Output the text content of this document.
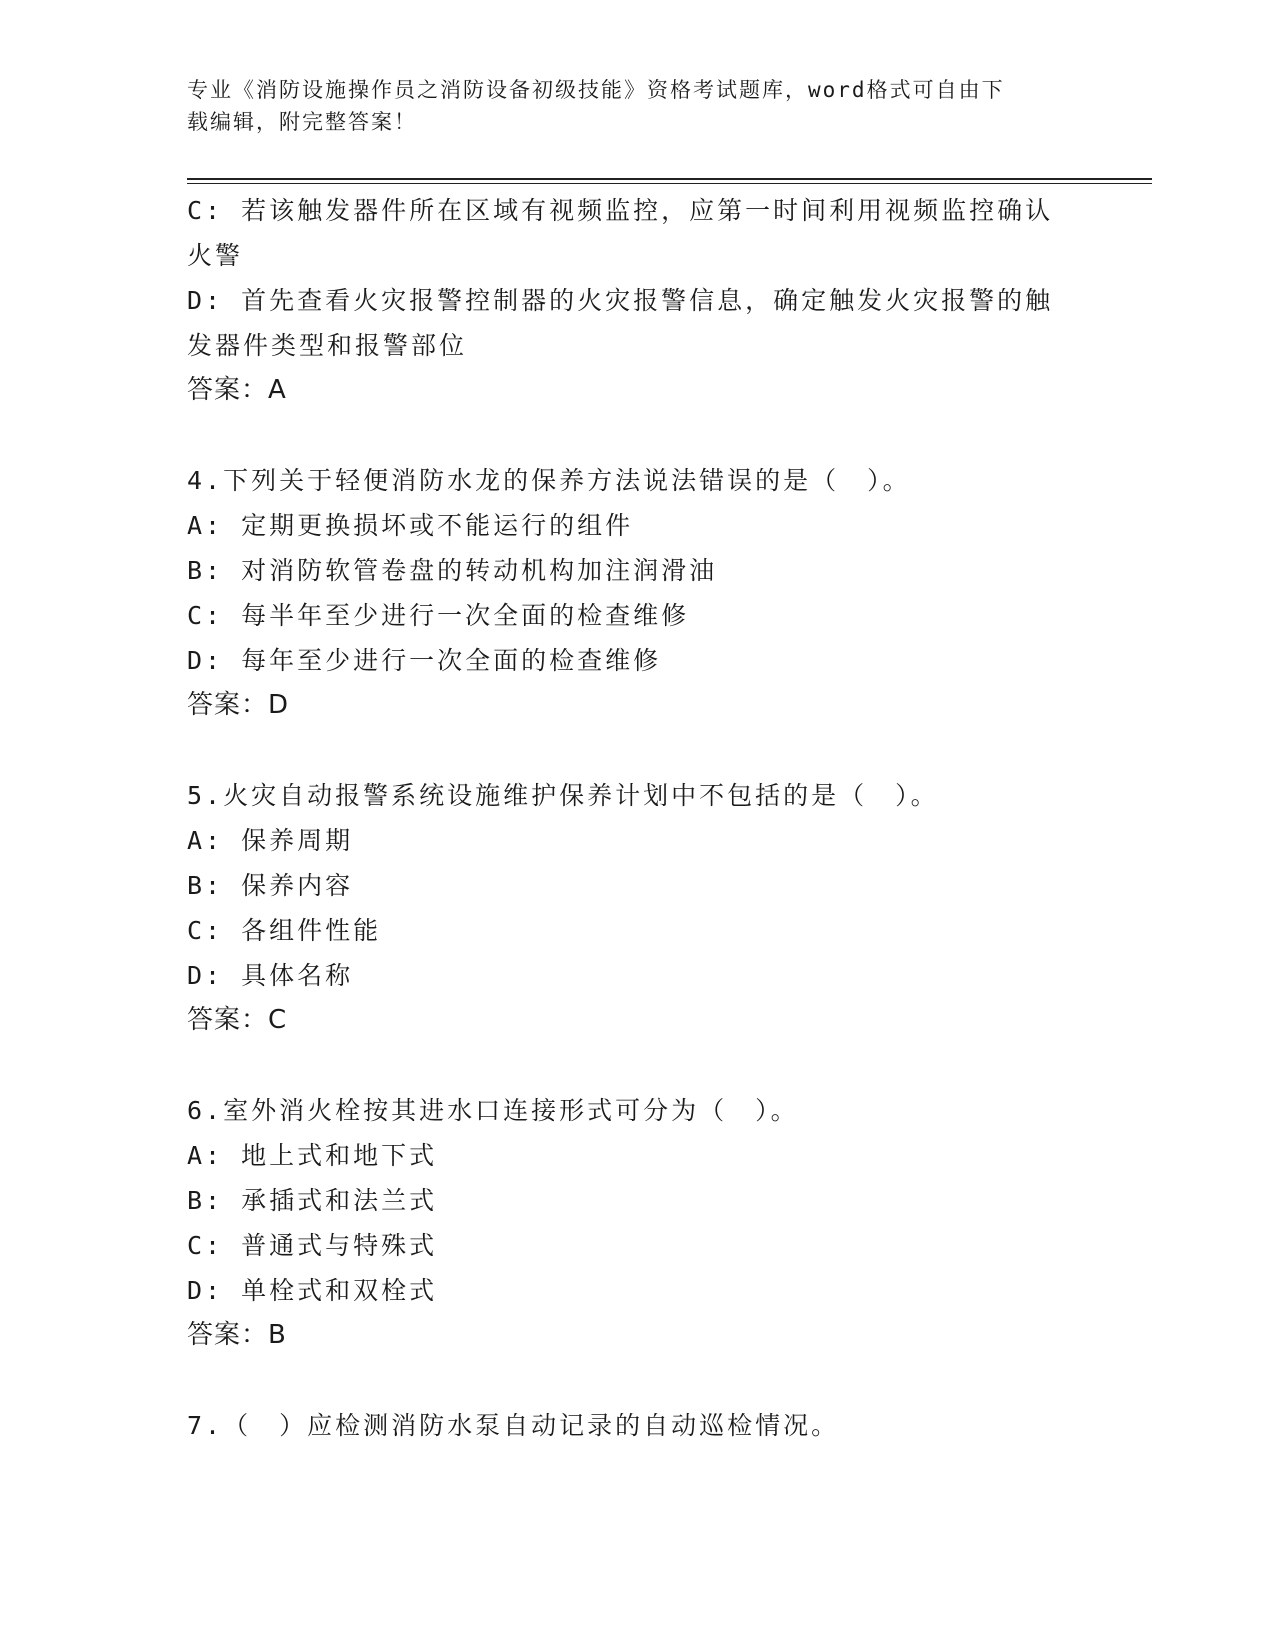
专业《消防设施操作员之消防设备初级技能》资格考试题库，word格式可自由下
载编辑，附完整答案！
C: 若该触发器件所在区域有视频监控，应第一时间利用视频监控确认
火警
D: 首先查看火灾报警控制器的火灾报警信息，确定触发火灾报警的触
发器件类型和报警部位
答案：A
4.下列关于轻便消防水龙的保养方法说法错误的是（　）。
A: 定期更换损坏或不能运行的组件
B: 对消防软管卷盘的转动机构加注润滑油
C: 每半年至少进行一次全面的检查维修
D: 每年至少进行一次全面的检查维修
答案：D
5.火灾自动报警系统设施维护保养计划中不包括的是（　）。
A: 保养周期
B: 保养内容
C: 各组件性能
D: 具体名称
答案：C
6.室外消火栓按其进水口连接形式可分为（　）。
A: 地上式和地下式
B: 承插式和法兰式
C: 普通式与特殊式
D: 单栓式和双栓式
答案：B
7.（　）应检测消防水泵自动记录的自动巡检情况。
